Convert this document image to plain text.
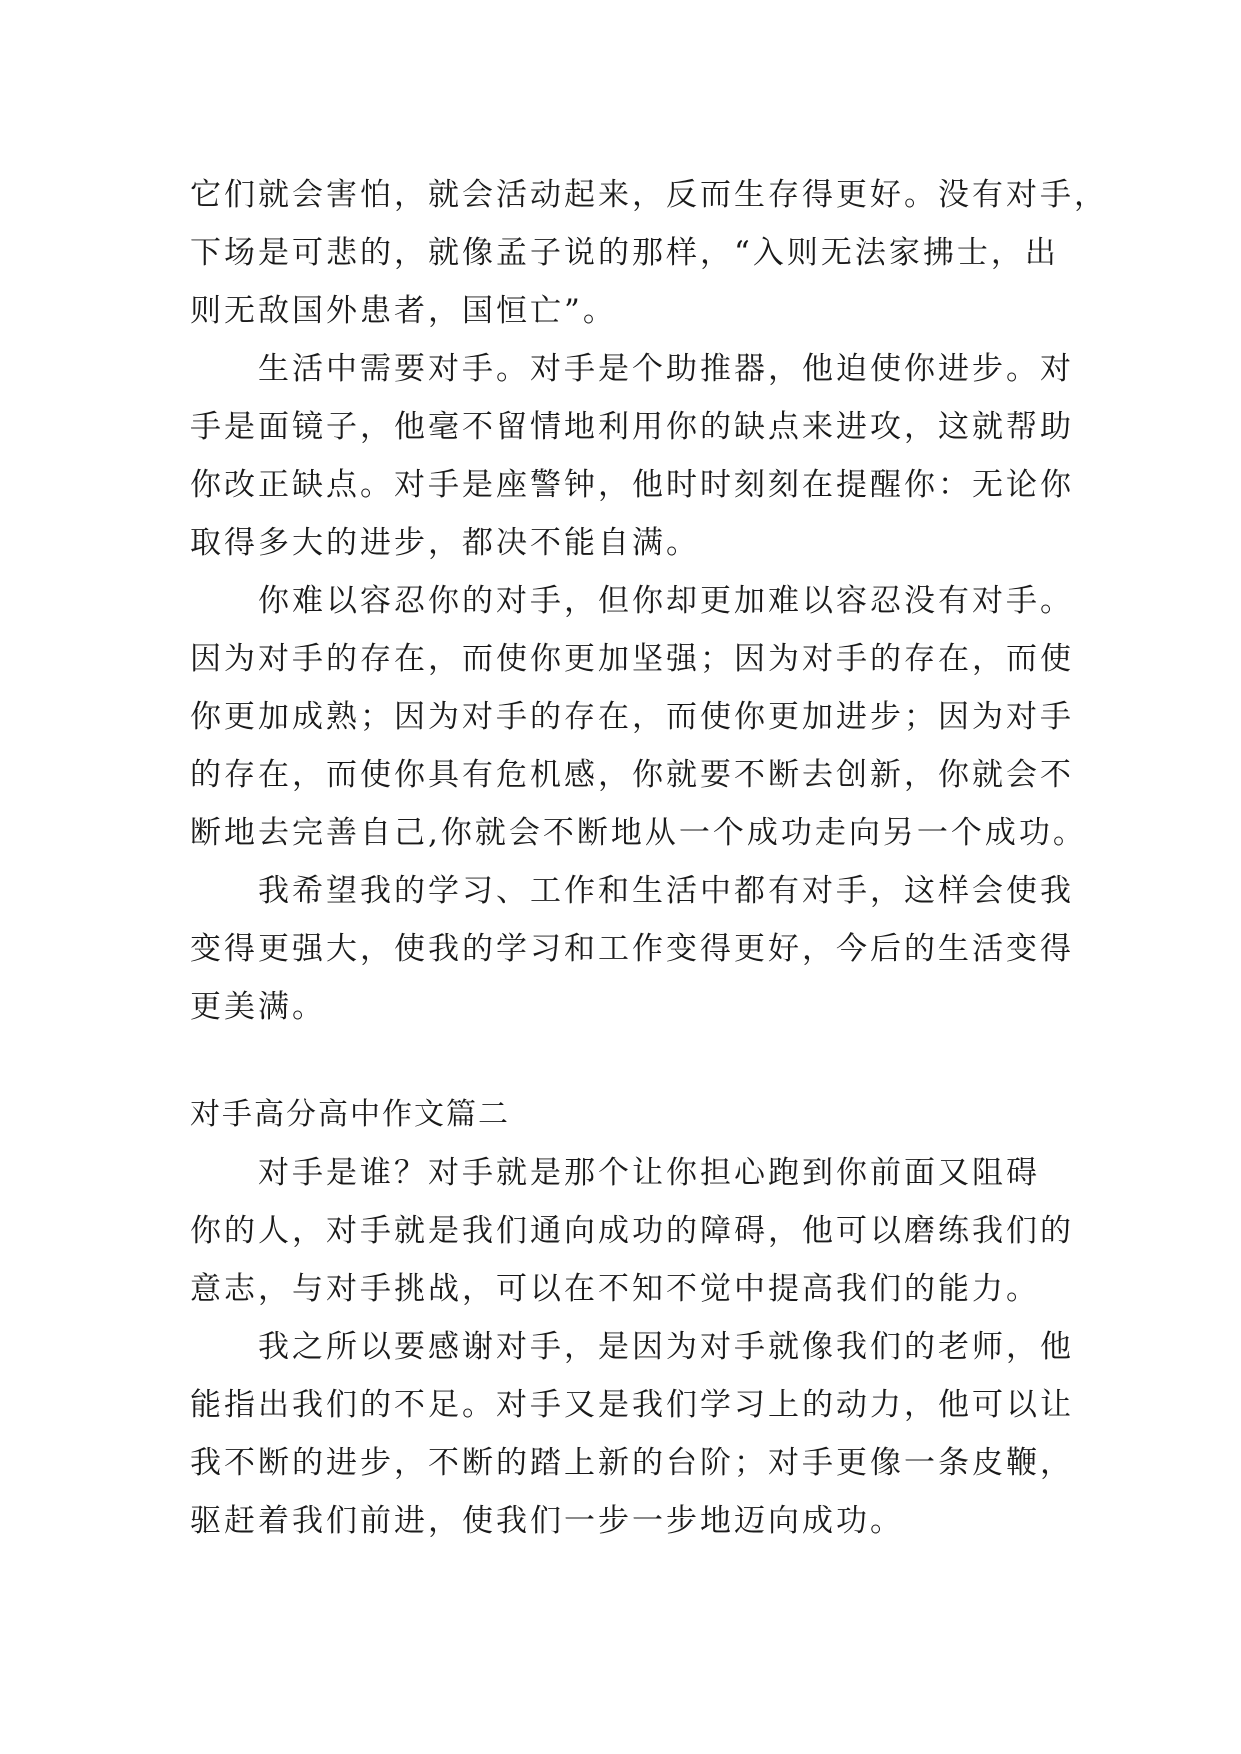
它们就会害怕，就会活动起来，反而生存得更好。没有对手，
下场是可悲的，就像孟子说的那样，“入则无法家拂士，出
则无敌国外患者，国恒亡”。
生活中需要对手。对手是个助推器，他迫使你进步。对
手是面镜子，他毫不留情地利用你的缺点来进攻，这就帮助
你改正缺点。对手是座警钟，他时时刻刻在提醒你：无论你
取得多大的进步，都决不能自满。
你难以容忍你的对手，但你却更加难以容忍没有对手。
因为对手的存在，而使你更加坚强；因为对手的存在，而使
你更加成熟；因为对手的存在，而使你更加进步；因为对手
的存在，而使你具有危机感，你就要不断去创新，你就会不
断地去完善自己,你就会不断地从一个成功走向另一个成功。
我希望我的学习、工作和生活中都有对手，这样会使我
变得更强大，使我的学习和工作变得更好，今后的生活变得
更美满。
对手高分高中作文篇二
对手是谁？对手就是那个让你担心跑到你前面又阻碍
你的人，对手就是我们通向成功的障碍，他可以磨练我们的
意志，与对手挑战，可以在不知不觉中提高我们的能力。
我之所以要感谢对手，是因为对手就像我们的老师，他
能指出我们的不足。对手又是我们学习上的动力，他可以让
我不断的进步，不断的踏上新的台阶；对手更像一条皮鞭，
驱赶着我们前进，使我们一步一步地迈向成功。
